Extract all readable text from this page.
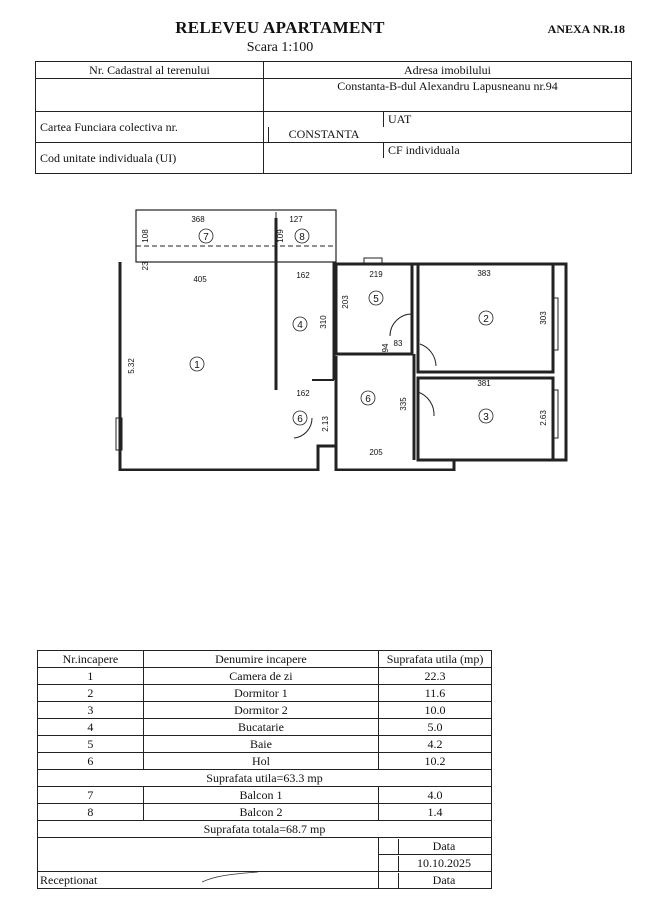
RELEVEU APARTAMENT
Scara 1:100
ANEXA NR.18
Nr. Cadastral al terenului	Adresa imobilului
	Constanta-B-dul Alexandru Lapusneanu nr.94
Cartea Funciara colectiva nr.	UATCONSTANTA
Cod unitate individuala (UI)	CF individuala
1
2
3
4
5
6
6
7	8
368	127
108	109
23
405
5.32
162
310
162
219
203
383
303
94 83
381
2.63
335
2.13
205
Nr.incapere	Denumire incapere	Suprafata utila (mp)
1	Camera de zi	22.3
2	Dormitor 1	11.6
3	Dormitor 2	10.0
4	Bucatarie	5.0
5	Baie	4.2
6	Hol	10.2
Suprafata utila=63.3 mp		
7	Balcon 1	4.0
8	Balcon 2	1.4
Suprafata totala=68.7 mp		

		Data

		10.10.2025

Receptionat		Data
